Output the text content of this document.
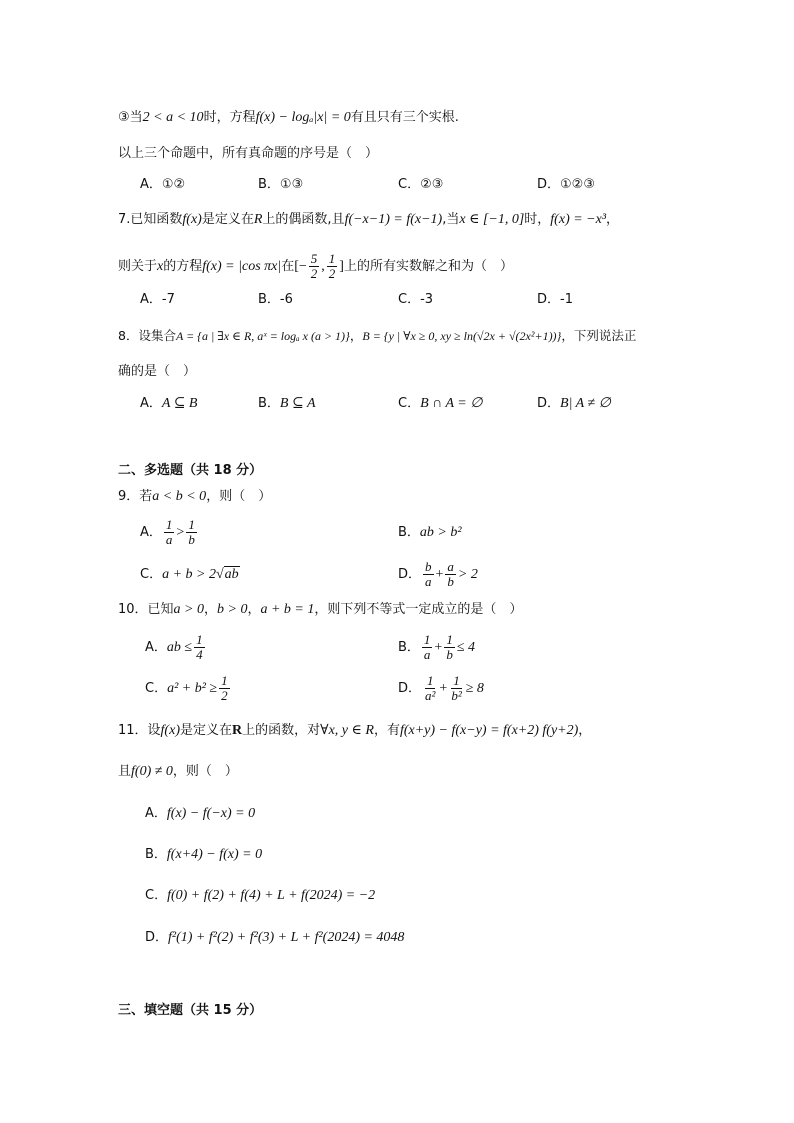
③当2 < a < 10时，方程f(x) − logₐ|x| = 0有且只有三个实根.
以上三个命题中，所有真命题的序号是（　）
A．①②	B．①③	C．②③	D．①②③
7.已知函数f(x)是定义在R上的偶函数,且f(−x−1) = f(x−1),当x ∈ [−1, 0]时，f(x) = −x³，
则关于x的方程f(x) = |cos πx|在[− $\frac{5}{2}$ , $\frac{1}{2}$ ]上的所有实数解之和为（　）
A．-7	B．-6	C．-3	D．-1
8．设集合A = {a | ∃x ∈ R, aˣ = logₐ x (a > 1)}，B = {y | ∀x ≥ 0, xy ≥ ln(√2x + √(2x²+1))}，下列说法正
确的是（　）
A．A ⊆ B	B．B ⊆ A	C．B ∩ A = ∅	D．B| A ≠ ∅
二、多选题（共 18 分）
9．若a < b < 0，则（　）
A． $\frac{1}{a} > \frac{1}{b}$	B．ab > b²
C．a + b > 2√ab	D． $\frac{b}{a} + \frac{a}{b} > 2$
10．已知a > 0，b > 0，a + b = 1，则下列不等式一定成立的是（　）
A．ab ≤ $\frac{1}{4}$	B． $\frac{1}{a} + \frac{1}{b} \le 4$
C．$a^2 + b^2 \ge \frac{1}{2}$	D． $\frac{1}{\text{a²}} + \frac{1}{\text{b²}} \ge 8$
11．设f(x)是定义在R上的函数，对∀x, y ∈ R，有f(x+y) − f(x−y) = f(x+2) f(y+2)，
且f(0) ≠ 0，则（　）
A．f(x) − f(−x) = 0
B．f(x+4) − f(x) = 0
C．f(0) + f(2) + f(4) + L + f(2024) = −2
D．f²(1) + f²(2) + f²(3) + L + f²(2024) = 4048
三、填空题（共 15 分）
